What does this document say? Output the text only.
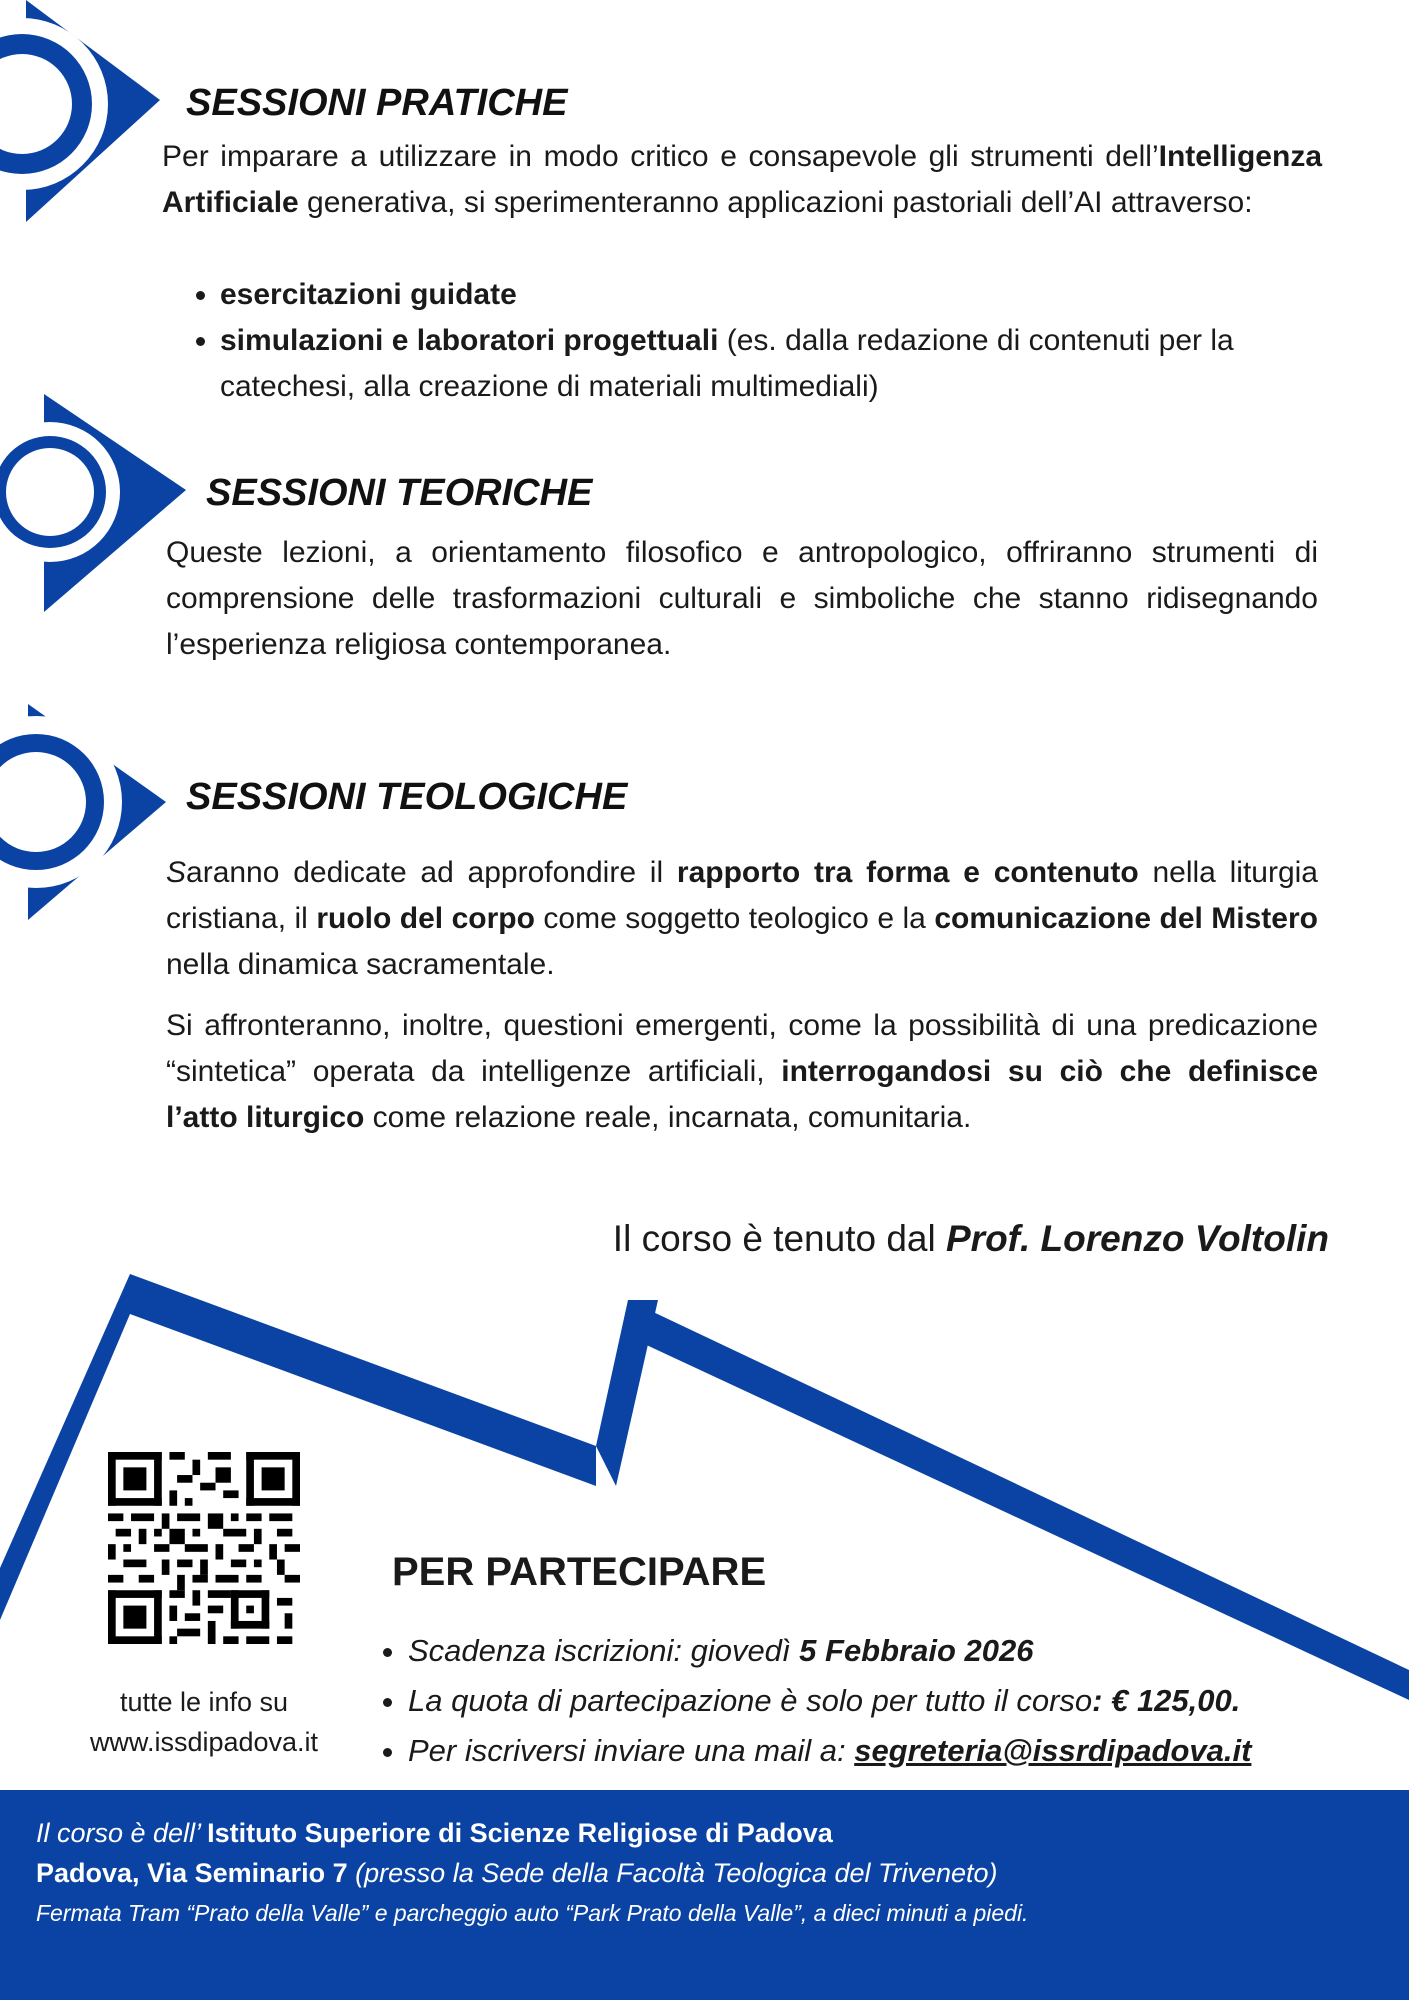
SESSIONI PRATICHE

Per imparare a utilizzare in modo critico e consapevole gli strumenti dell’Intelligenza Artificiale generativa, si sperimenteranno applicazioni pastoriali dell’AI attraverso:

• esercitazioni guidate
• simulazioni e laboratori progettuali (es. dalla redazione di contenuti per la catechesi, alla creazione di materiali multimediali)
SESSIONI TEORICHE

Queste lezioni, a orientamento filosofico e antropologico, offriranno strumenti di comprensione delle trasformazioni culturali e simboliche che stanno ridisegnando l’esperienza religiosa contemporanea.

SESSIONI TEOLOGICHE

Saranno dedicate ad approfondire il rapporto tra forma e contenuto nella liturgia cristiana, il ruolo del corpo come soggetto teologico e la comunicazione del Mistero nella dinamica sacramentale.

Si affronteranno, inoltre, questioni emergenti, come la possibilità di una predicazione “sintetica” operata da intelligenze artificiali, interrogandosi su ciò che definisce l’atto liturgico come relazione reale, incarnata, comunitaria.

Il corso è tenuto dal Prof. Lorenzo Voltolin
tutte le info su
www.issdipadova.it
PER PARTECIPARE
• Scadenza iscrizioni: giovedì 5 Febbraio 2026
• La quota di partecipazione è solo per tutto il corso: € 125,00.
• Per iscriversi inviare una mail a: segreteria@issrdipadova.it
Il corso è dell’ Istituto Superiore di Scienze Religiose di Padova
Padova, Via Seminario 7 (presso la Sede della Facoltà Teologica del Triveneto)
Fermata Tram “Prato della Valle” e parcheggio auto “Park Prato della Valle”, a dieci minuti a piedi.
